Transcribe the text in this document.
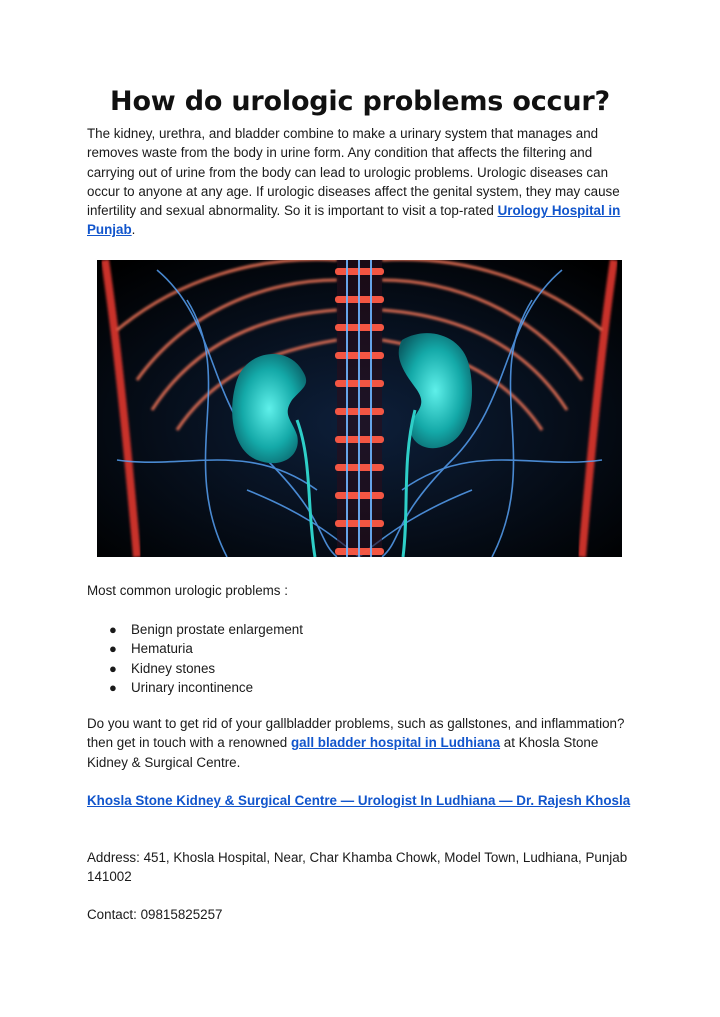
How do urologic problems occur?

The kidney, urethra, and bladder combine to make a urinary system that manages and removes waste from the body in urine form. Any condition that affects the filtering and carrying out of urine from the body can lead to urologic problems. Urologic diseases can occur to anyone at any age. If urologic diseases affect the genital system, they may cause infertility and sexual abnormality. So it is important to visit a top-rated Urology Hospital in Punjab.

Most common urologic problems :

● Benign prostate enlargement
● Hematuria
● Kidney stones
● Urinary incontinence

Do you want to get rid of your gallbladder problems, such as gallstones, and inflammation? then get in touch with a renowned gall bladder hospital in Ludhiana at Khosla Stone Kidney & Surgical Centre.

Khosla Stone Kidney & Surgical Centre — Urologist In Ludhiana — Dr. Rajesh Khosla

Address: 451, Khosla Hospital, Near, Char Khamba Chowk, Model Town, Ludhiana, Punjab 141002

Contact: 09815825257
